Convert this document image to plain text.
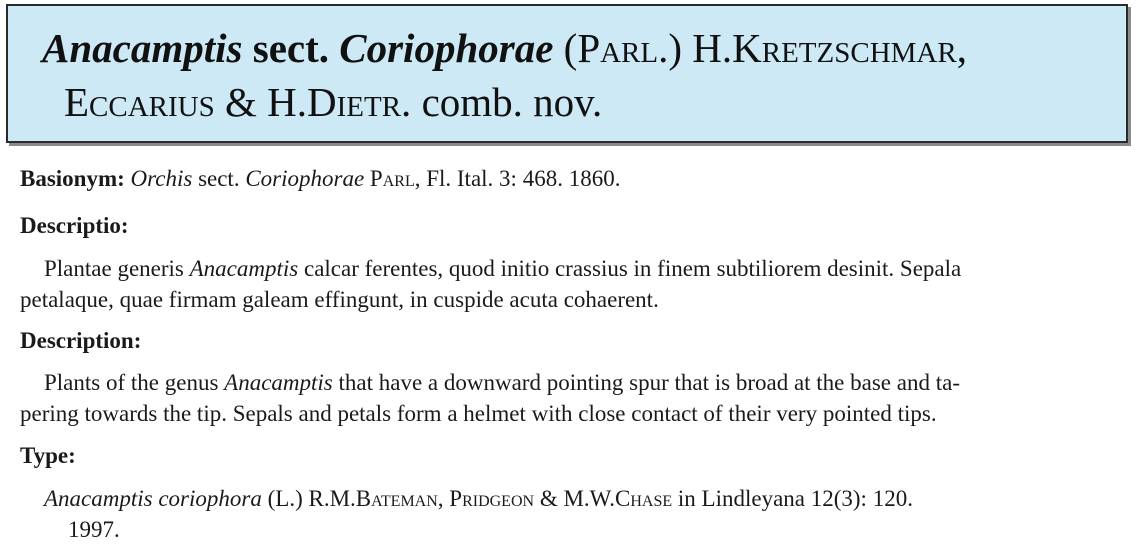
Anacamptis sect. Coriophorae (Parl.) H.Kretzschmar,
Eccarius & H.Dietr. comb. nov.
Basionym: Orchis sect. Coriophorae Parl, Fl. Ital. 3: 468. 1860.
Descriptio:
Plantae generis Anacamptis calcar ferentes, quod initio crassius in finem subtiliorem desinit. Sepala
petalaque, quae firmam galeam effingunt, in cuspide acuta cohaerent.
Description:
Plants of the genus Anacamptis that have a downward pointing spur that is broad at the base and ta-
pering towards the tip. Sepals and petals form a helmet with close contact of their very pointed tips.
Type:
Anacamptis coriophora (L.) R.M.Bateman, Pridgeon & M.W.Chase in Lindleyana 12(3): 120.
1997.
